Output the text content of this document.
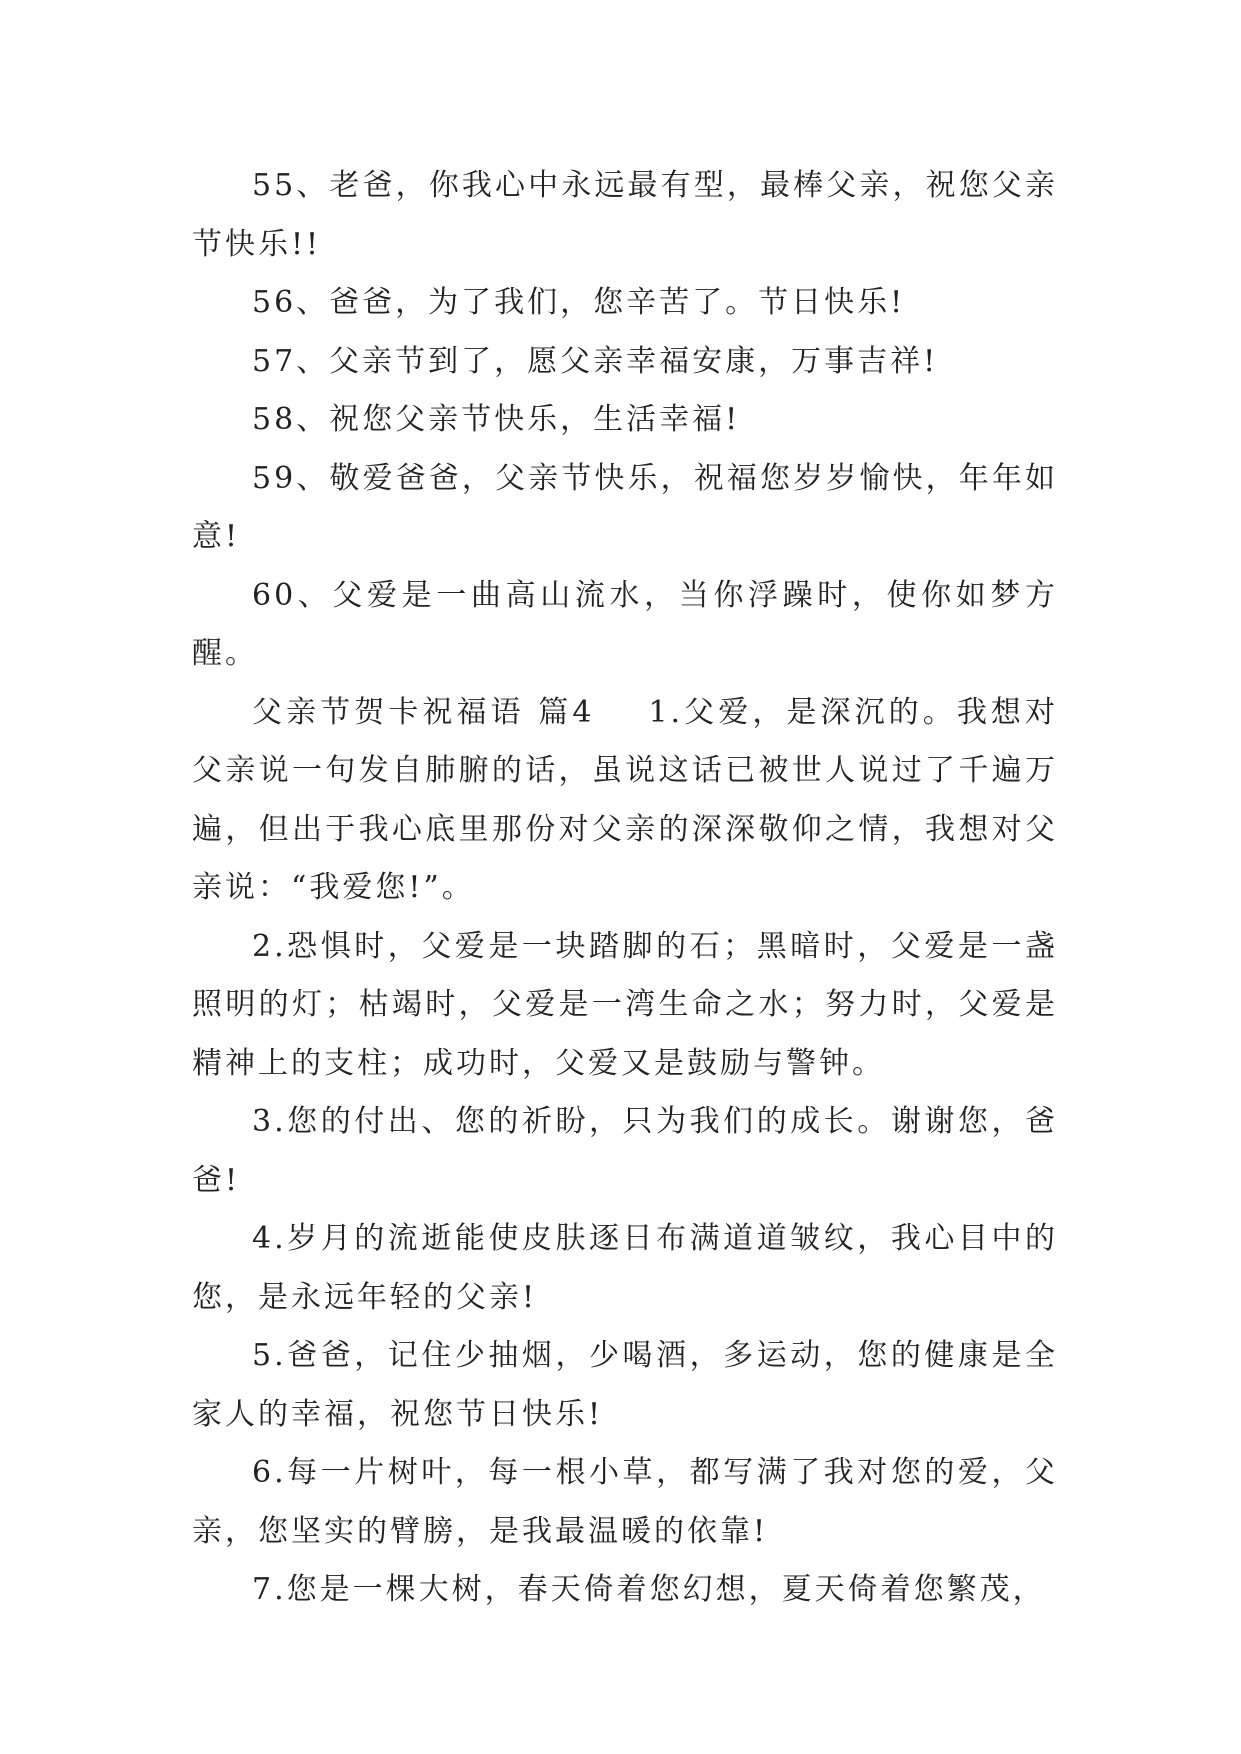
55、老爸，你我心中永远最有型，最棒父亲，祝您父亲节快乐!!

56、爸爸，为了我们，您辛苦了。节日快乐!

57、父亲节到了，愿父亲幸福安康，万事吉祥!

58、祝您父亲节快乐，生活幸福!

59、敬爱爸爸，父亲节快乐，祝福您岁岁愉快，年年如意!

60、父爱是一曲高山流水，当你浮躁时，使你如梦方醒。

父亲节贺卡祝福语 篇4 1.父爱，是深沉的。我想对父亲说一句发自肺腑的话，虽说这话已被世人说过了千遍万遍，但出于我心底里那份对父亲的深深敬仰之情，我想对父亲说：“我爱您!”。

2.恐惧时，父爱是一块踏脚的石；黑暗时，父爱是一盏照明的灯；枯竭时，父爱是一湾生命之水；努力时，父爱是精神上的支柱；成功时，父爱又是鼓励与警钟。

3.您的付出、您的祈盼，只为我们的成长。谢谢您，爸爸!

4.岁月的流逝能使皮肤逐日布满道道皱纹，我心目中的您，是永远年轻的父亲!

5.爸爸，记住少抽烟，少喝酒，多运动，您的健康是全家人的幸福，祝您节日快乐!

6.每一片树叶，每一根小草，都写满了我对您的爱，父亲，您坚实的臂膀，是我最温暖的依靠!

7.您是一棵大树，春天倚着您幻想，夏天倚着您繁茂，
